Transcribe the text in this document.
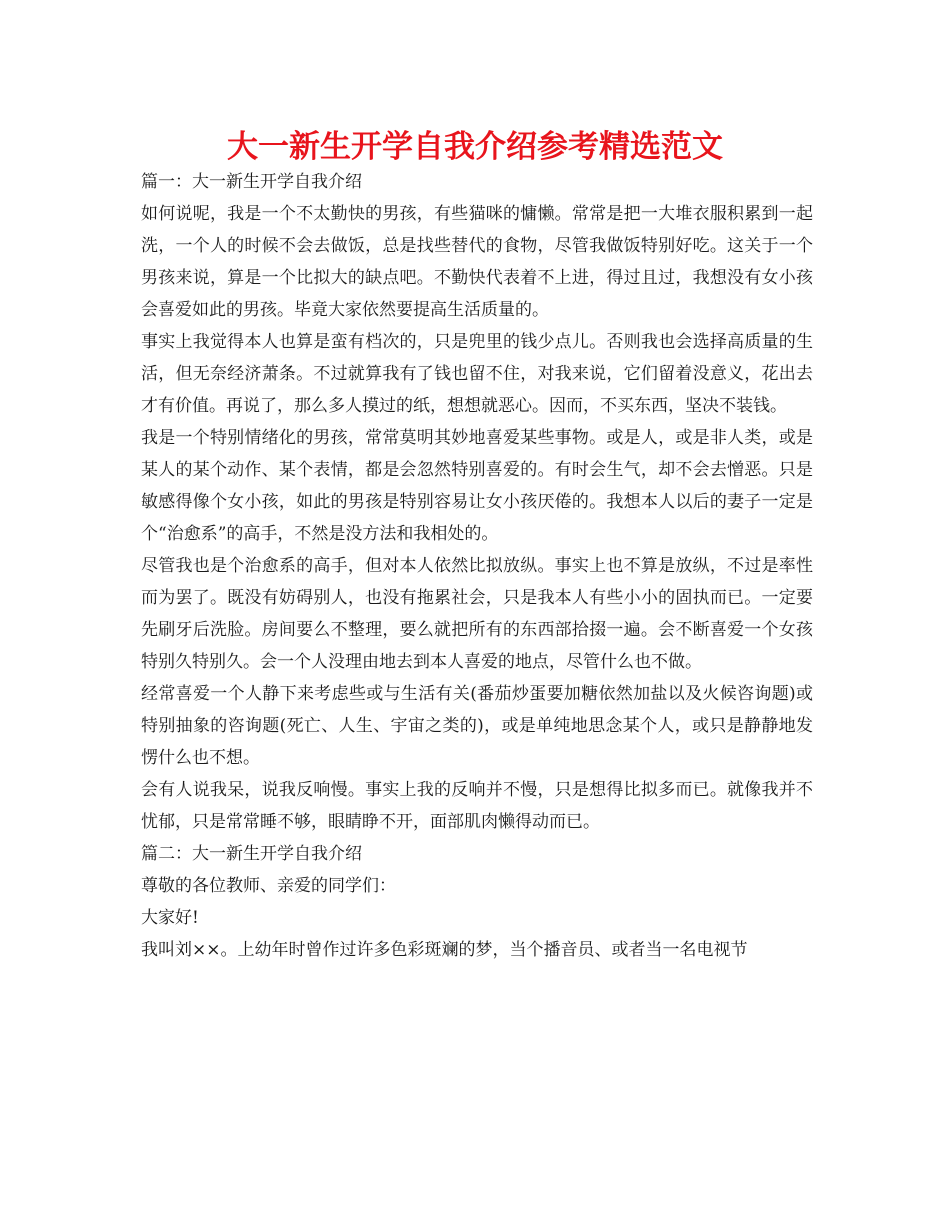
大一新生开学自我介绍参考精选范文

篇一：大一新生开学自我介绍

如何说呢，我是一个不太勤快的男孩，有些猫咪的慵懒。常常是把一大堆衣服积累到一起洗，一个人的时候不会去做饭，总是找些替代的食物，尽管我做饭特别好吃。这关于一个男孩来说，算是一个比拟大的缺点吧。不勤快代表着不上进，得过且过，我想没有女小孩会喜爱如此的男孩。毕竟大家依然要提高生活质量的。

事实上我觉得本人也算是蛮有档次的，只是兜里的钱少点儿。否则我也会选择高质量的生活，但无奈经济萧条。不过就算我有了钱也留不住，对我来说，它们留着没意义，花出去才有价值。再说了，那么多人摸过的纸，想想就恶心。因而，不买东西，坚决不装钱。

我是一个特别情绪化的男孩，常常莫明其妙地喜爱某些事物。或是人，或是非人类，或是某人的某个动作、某个表情，都是会忽然特别喜爱的。有时会生气，却不会去憎恶。只是敏感得像个女小孩，如此的男孩是特别容易让女小孩厌倦的。我想本人以后的妻子一定是个“治愈系”的高手，不然是没方法和我相处的。

尽管我也是个治愈系的高手，但对本人依然比拟放纵。事实上也不算是放纵，不过是率性而为罢了。既没有妨碍别人，也没有拖累社会，只是我本人有些小小的固执而已。一定要先刷牙后洗脸。房间要么不整理，要么就把所有的东西部拾掇一遍。会不断喜爱一个女孩特别久特别久。会一个人没理由地去到本人喜爱的地点，尽管什么也不做。

经常喜爱一个人静下来考虑些或与生活有关(番茄炒蛋要加糖依然加盐以及火候咨询题)或特别抽象的咨询题(死亡、人生、宇宙之类的)，或是单纯地思念某个人，或只是静静地发愣什么也不想。

会有人说我呆，说我反响慢。事实上我的反响并不慢，只是想得比拟多而已。就像我并不忧郁，只是常常睡不够，眼睛睁不开，面部肌肉懒得动而已。

篇二：大一新生开学自我介绍

尊敬的各位教师、亲爱的同学们：

大家好!

我叫刘××。上幼年时曾作过许多色彩斑斓的梦，当个播音员、或者当一名电视节
